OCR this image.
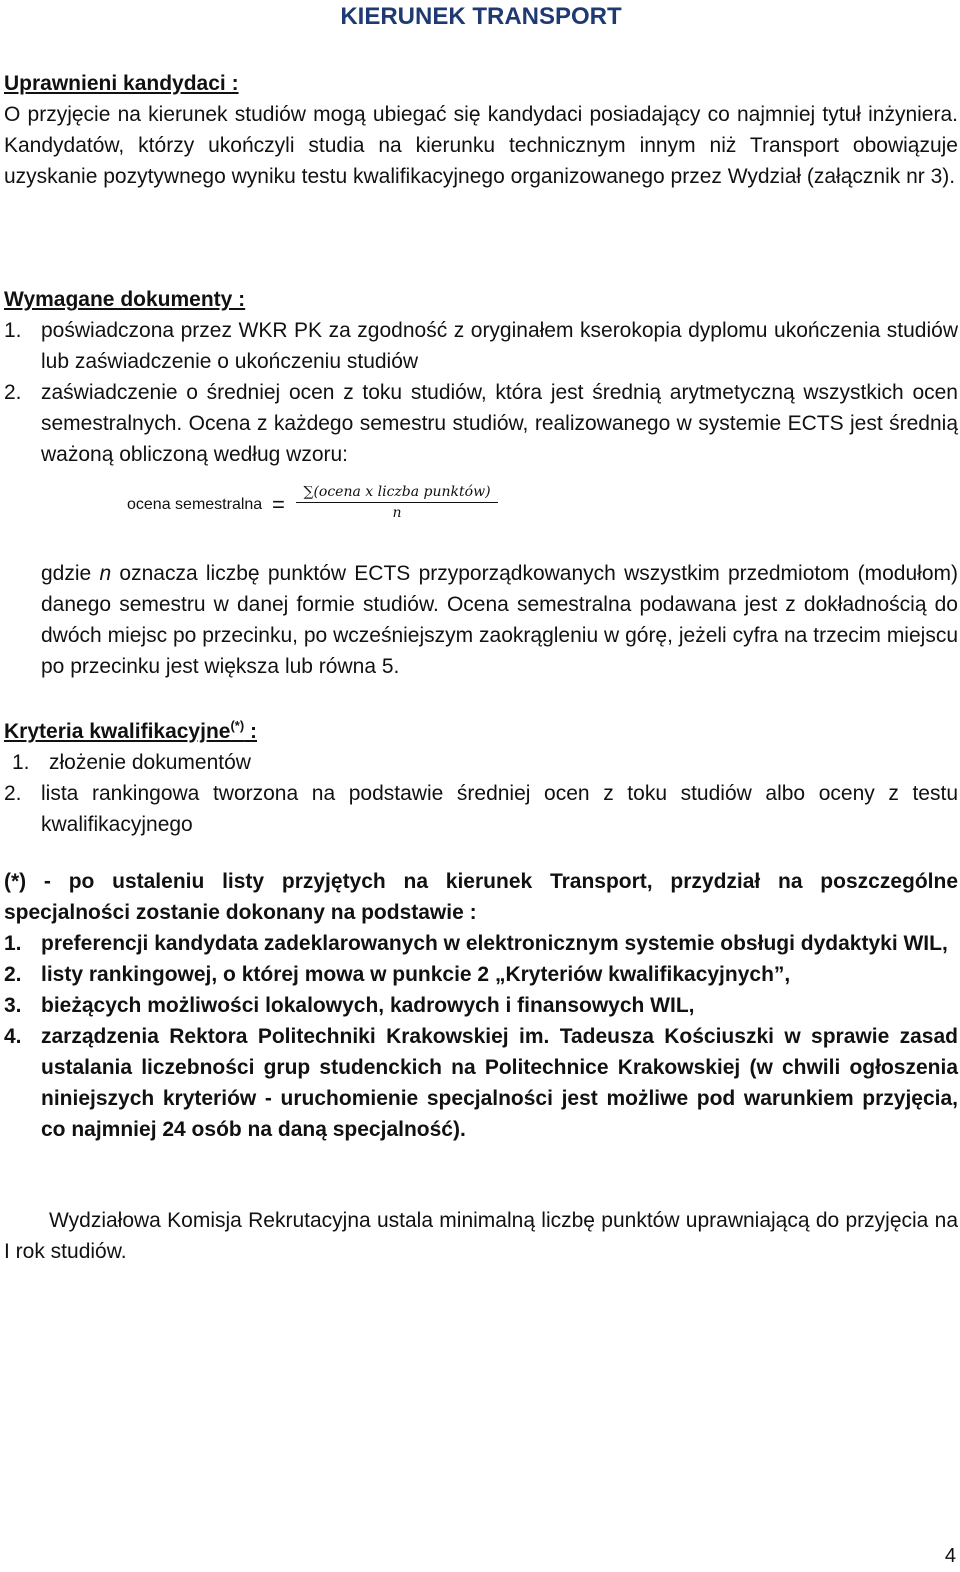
KIERUNEK TRANSPORT
Uprawnieni kandydaci :

O przyjęcie na kierunek studiów mogą ubiegać się kandydaci posiadający co najmniej tytuł inżyniera. Kandydatów, którzy ukończyli studia na kierunku technicznym innym niż Transport obowiązuje uzyskanie pozytywnego wyniku testu kwalifikacyjnego organizowanego przez Wydział (załącznik nr 3).

Wymagane dokumenty :
1. poświadczona przez WKR PK za zgodność z oryginałem kserokopia dyplomu ukończenia studiów lub zaświadczenie o ukończeniu studiów
2. zaświadczenie o średniej ocen z toku studiów, która jest średnią arytmetyczną wszystkich ocen semestralnych. Ocena z każdego semestru studiów, realizowanego w systemie ECTS jest średnią ważoną obliczoną według wzoru:
ocena semestralna =	∑(ocena x liczba punktów)
n

gdzie n oznacza liczbę punktów ECTS przyporządkowanych wszystkim przedmiotom (modułom) danego semestru w danej formie studiów. Ocena semestralna podawana jest z dokładnością do dwóch miejsc po przecinku, po wcześniejszym zaokrągleniu w górę, jeżeli cyfra na trzecim miejscu po przecinku jest większa lub równa 5.

Kryteria kwalifikacyjne(*) :
1. złożenie dokumentów
2. lista rankingowa tworzona na podstawie średniej ocen z toku studiów albo oceny z testu kwalifikacyjnego

(*) - po ustaleniu listy przyjętych na kierunek Transport, przydział na poszczególne specjalności zostanie dokonany na podstawie :

1. preferencji kandydata zadeklarowanych w elektronicznym systemie obsługi dydaktyki WIL,
2. listy rankingowej, o której mowa w punkcie 2 „Kryteriów kwalifikacyjnych”,
3. bieżących możliwości lokalowych, kadrowych i finansowych WIL,
4. zarządzenia Rektora Politechniki Krakowskiej im. Tadeusza Kościuszki w sprawie zasad ustalania liczebności grup studenckich na Politechnice Krakowskiej (w chwili ogłoszenia niniejszych kryteriów - uruchomienie specjalności jest możliwe pod warunkiem przyjęcia, co najmniej 24 osób na daną specjalność).

Wydziałowa Komisja Rekrutacyjna ustala minimalną liczbę punktów uprawniającą do przyjęcia na I rok studiów.

4
